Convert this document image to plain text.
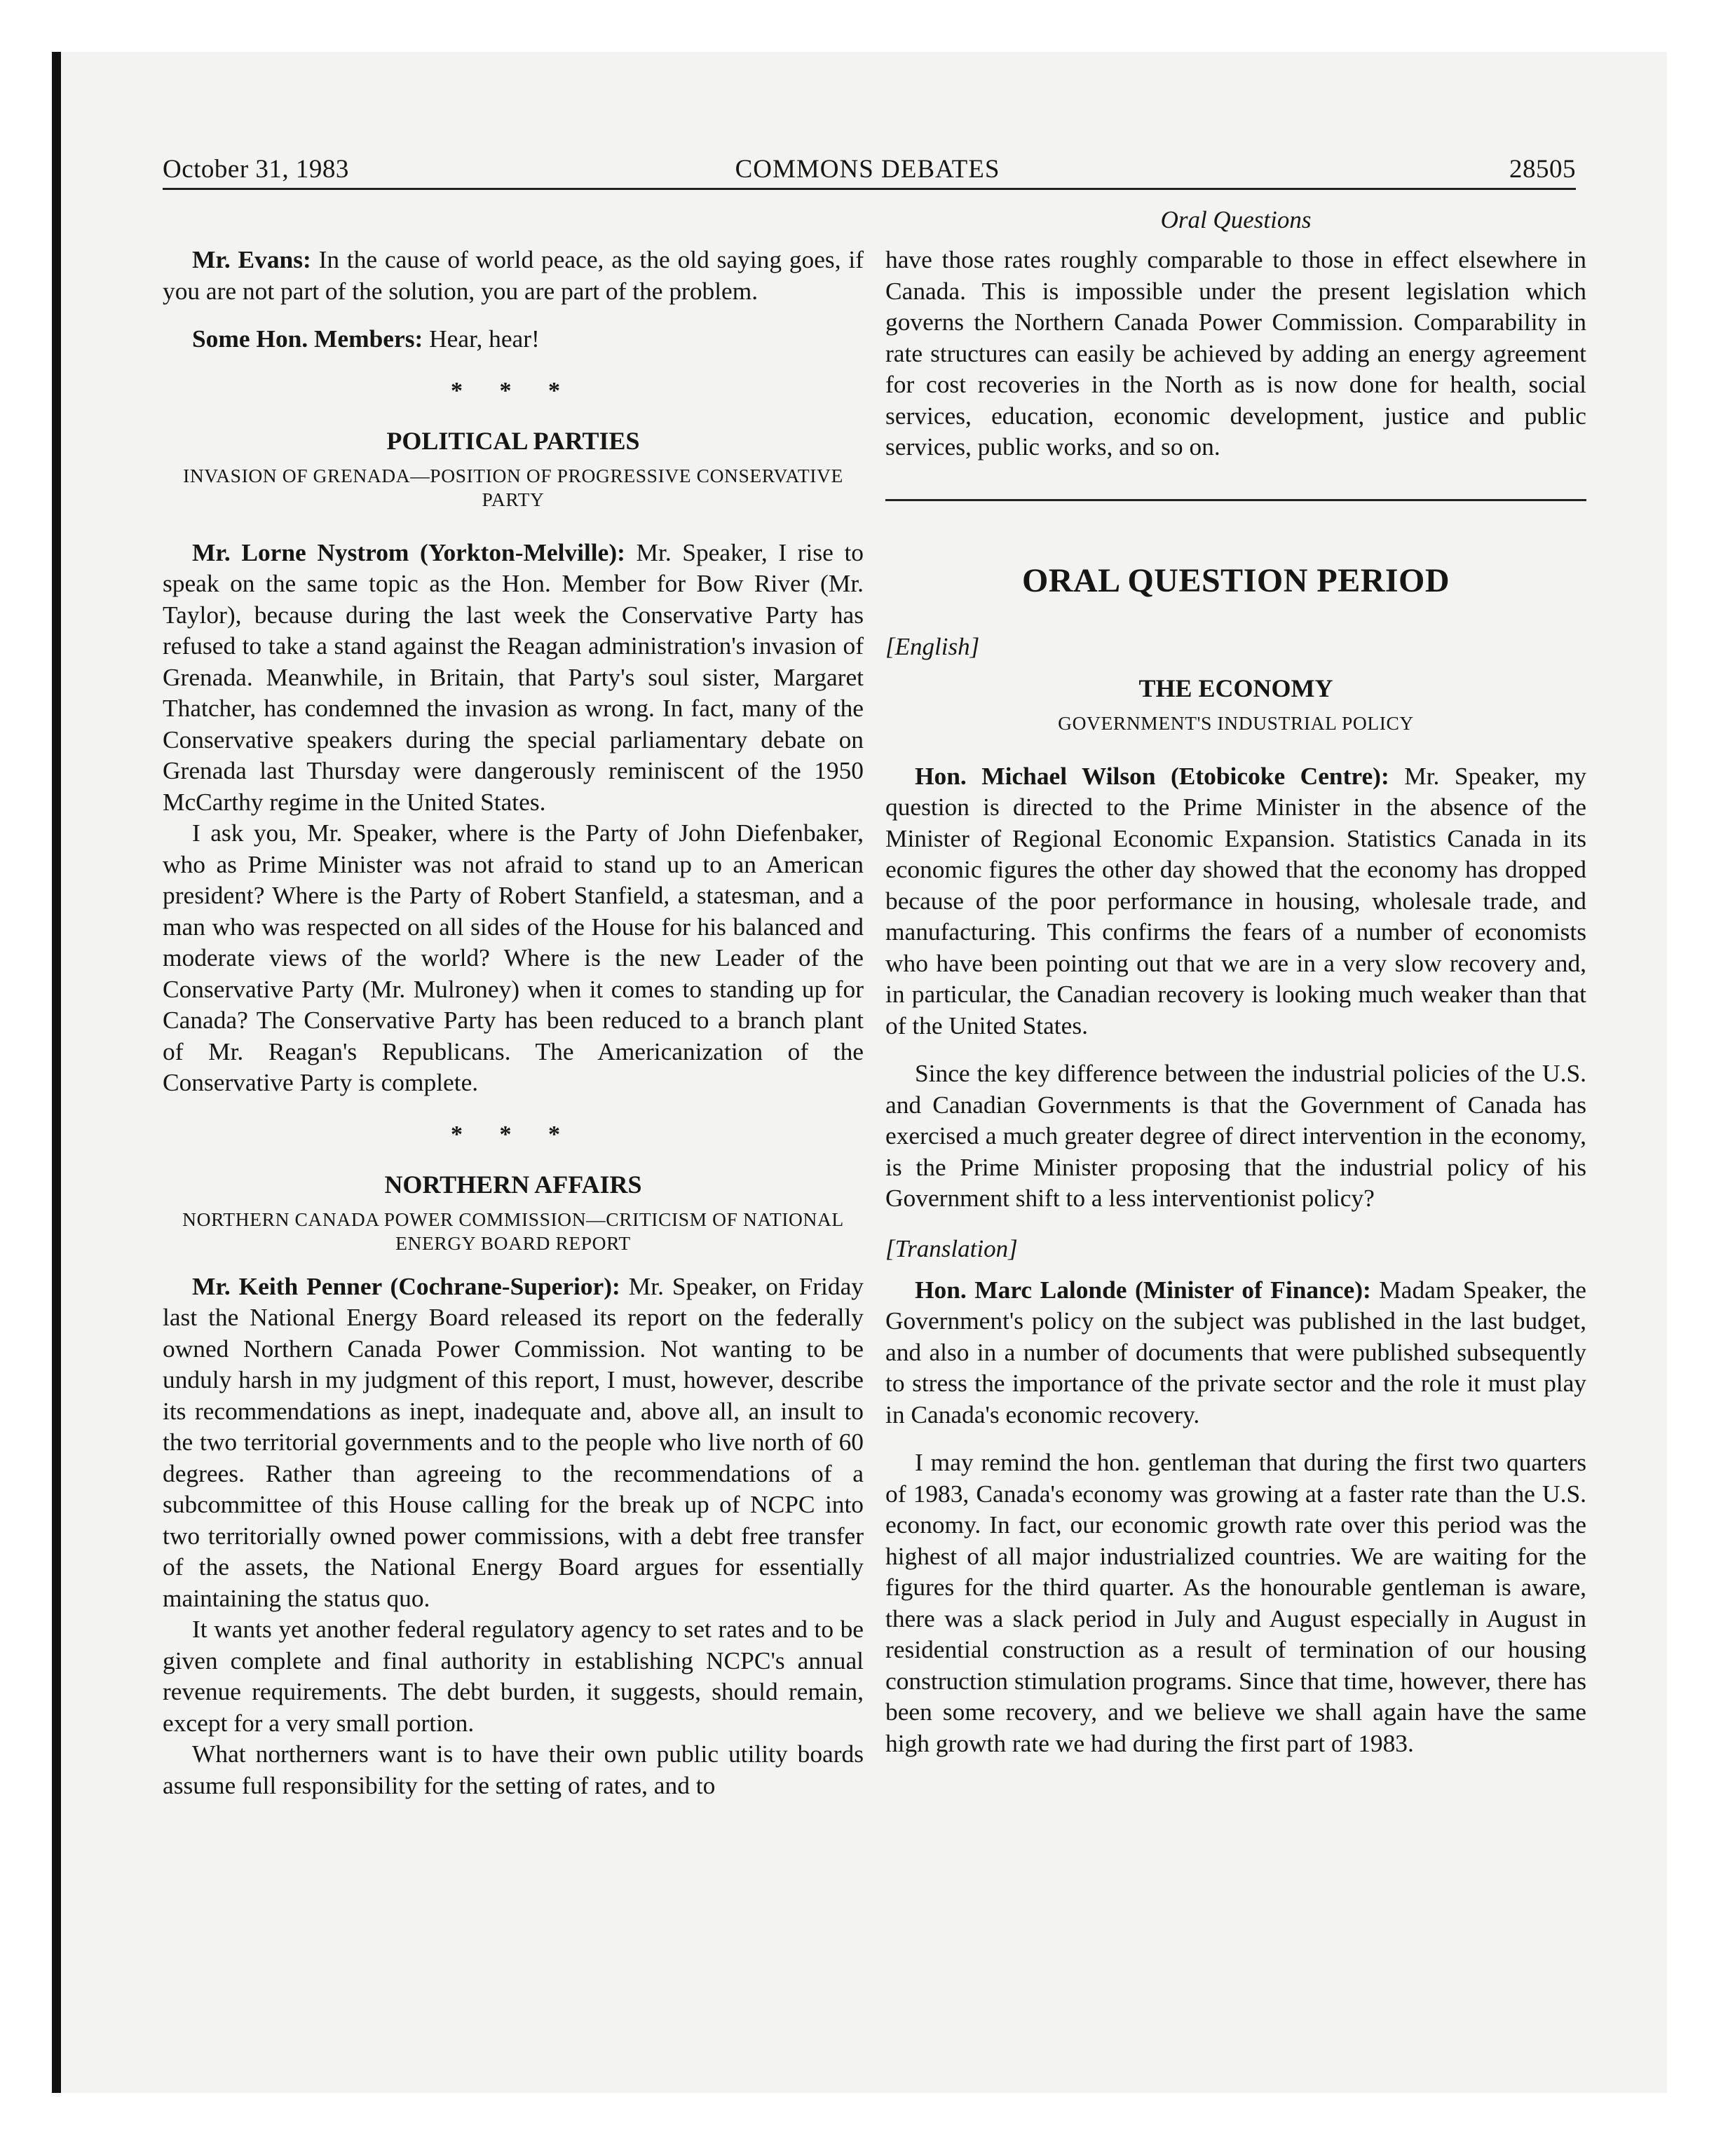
October 31, 1983	COMMONS DEBATES	28505

Mr. Evans: In the cause of world peace, as the old saying goes, if you are not part of the solution, you are part of the problem.

Some Hon. Members: Hear, hear!

* * *
POLITICAL PARTIES
INVASION OF GRENADA—POSITION OF PROGRESSIVE CONSERVATIVE PARTY

Mr. Lorne Nystrom (Yorkton-Melville): Mr. Speaker, I rise to speak on the same topic as the Hon. Member for Bow River (Mr. Taylor), because during the last week the Conservative Party has refused to take a stand against the Reagan administration's invasion of Grenada. Meanwhile, in Britain, that Party's soul sister, Margaret Thatcher, has condemned the invasion as wrong. In fact, many of the Conservative speakers during the special parliamentary debate on Grenada last Thursday were dangerously reminiscent of the 1950 McCarthy regime in the United States.

I ask you, Mr. Speaker, where is the Party of John Diefenbaker, who as Prime Minister was not afraid to stand up to an American president? Where is the Party of Robert Stanfield, a statesman, and a man who was respected on all sides of the House for his balanced and moderate views of the world? Where is the new Leader of the Conservative Party (Mr. Mulroney) when it comes to standing up for Canada? The Conservative Party has been reduced to a branch plant of Mr. Reagan's Republicans. The Americanization of the Conservative Party is complete.

* * *
NORTHERN AFFAIRS
NORTHERN CANADA POWER COMMISSION—CRITICISM OF NATIONAL ENERGY BOARD REPORT

Mr. Keith Penner (Cochrane-Superior): Mr. Speaker, on Friday last the National Energy Board released its report on the federally owned Northern Canada Power Commission. Not wanting to be unduly harsh in my judgment of this report, I must, however, describe its recommendations as inept, inadequate and, above all, an insult to the two territorial governments and to the people who live north of 60 degrees. Rather than agreeing to the recommendations of a subcommittee of this House calling for the break up of NCPC into two territorially owned power commissions, with a debt free transfer of the assets, the National Energy Board argues for essentially maintaining the status quo.

It wants yet another federal regulatory agency to set rates and to be given complete and final authority in establishing NCPC's annual revenue requirements. The debt burden, it suggests, should remain, except for a very small portion.

What northerners want is to have their own public utility boards assume full responsibility for the setting of rates, and to

Oral Questions

have those rates roughly comparable to those in effect elsewhere in Canada. This is impossible under the present legislation which governs the Northern Canada Power Commission. Comparability in rate structures can easily be achieved by adding an energy agreement for cost recoveries in the North as is now done for health, social services, education, economic development, justice and public services, public works, and so on.

ORAL QUESTION PERIOD
[English]
THE ECONOMY
GOVERNMENT'S INDUSTRIAL POLICY

Hon. Michael Wilson (Etobicoke Centre): Mr. Speaker, my question is directed to the Prime Minister in the absence of the Minister of Regional Economic Expansion. Statistics Canada in its economic figures the other day showed that the economy has dropped because of the poor performance in housing, wholesale trade, and manufacturing. This confirms the fears of a number of economists who have been pointing out that we are in a very slow recovery and, in particular, the Canadian recovery is looking much weaker than that of the United States.

Since the key difference between the industrial policies of the U.S. and Canadian Governments is that the Government of Canada has exercised a much greater degree of direct intervention in the economy, is the Prime Minister proposing that the industrial policy of his Government shift to a less interventionist policy?

[Translation]

Hon. Marc Lalonde (Minister of Finance): Madam Speaker, the Government's policy on the subject was published in the last budget, and also in a number of documents that were published subsequently to stress the importance of the private sector and the role it must play in Canada's economic recovery.

I may remind the hon. gentleman that during the first two quarters of 1983, Canada's economy was growing at a faster rate than the U.S. economy. In fact, our economic growth rate over this period was the highest of all major industrialized countries. We are waiting for the figures for the third quarter. As the honourable gentleman is aware, there was a slack period in July and August especially in August in residential construction as a result of termination of our housing construction stimulation programs. Since that time, however, there has been some recovery, and we believe we shall again have the same high growth rate we had during the first part of 1983.
